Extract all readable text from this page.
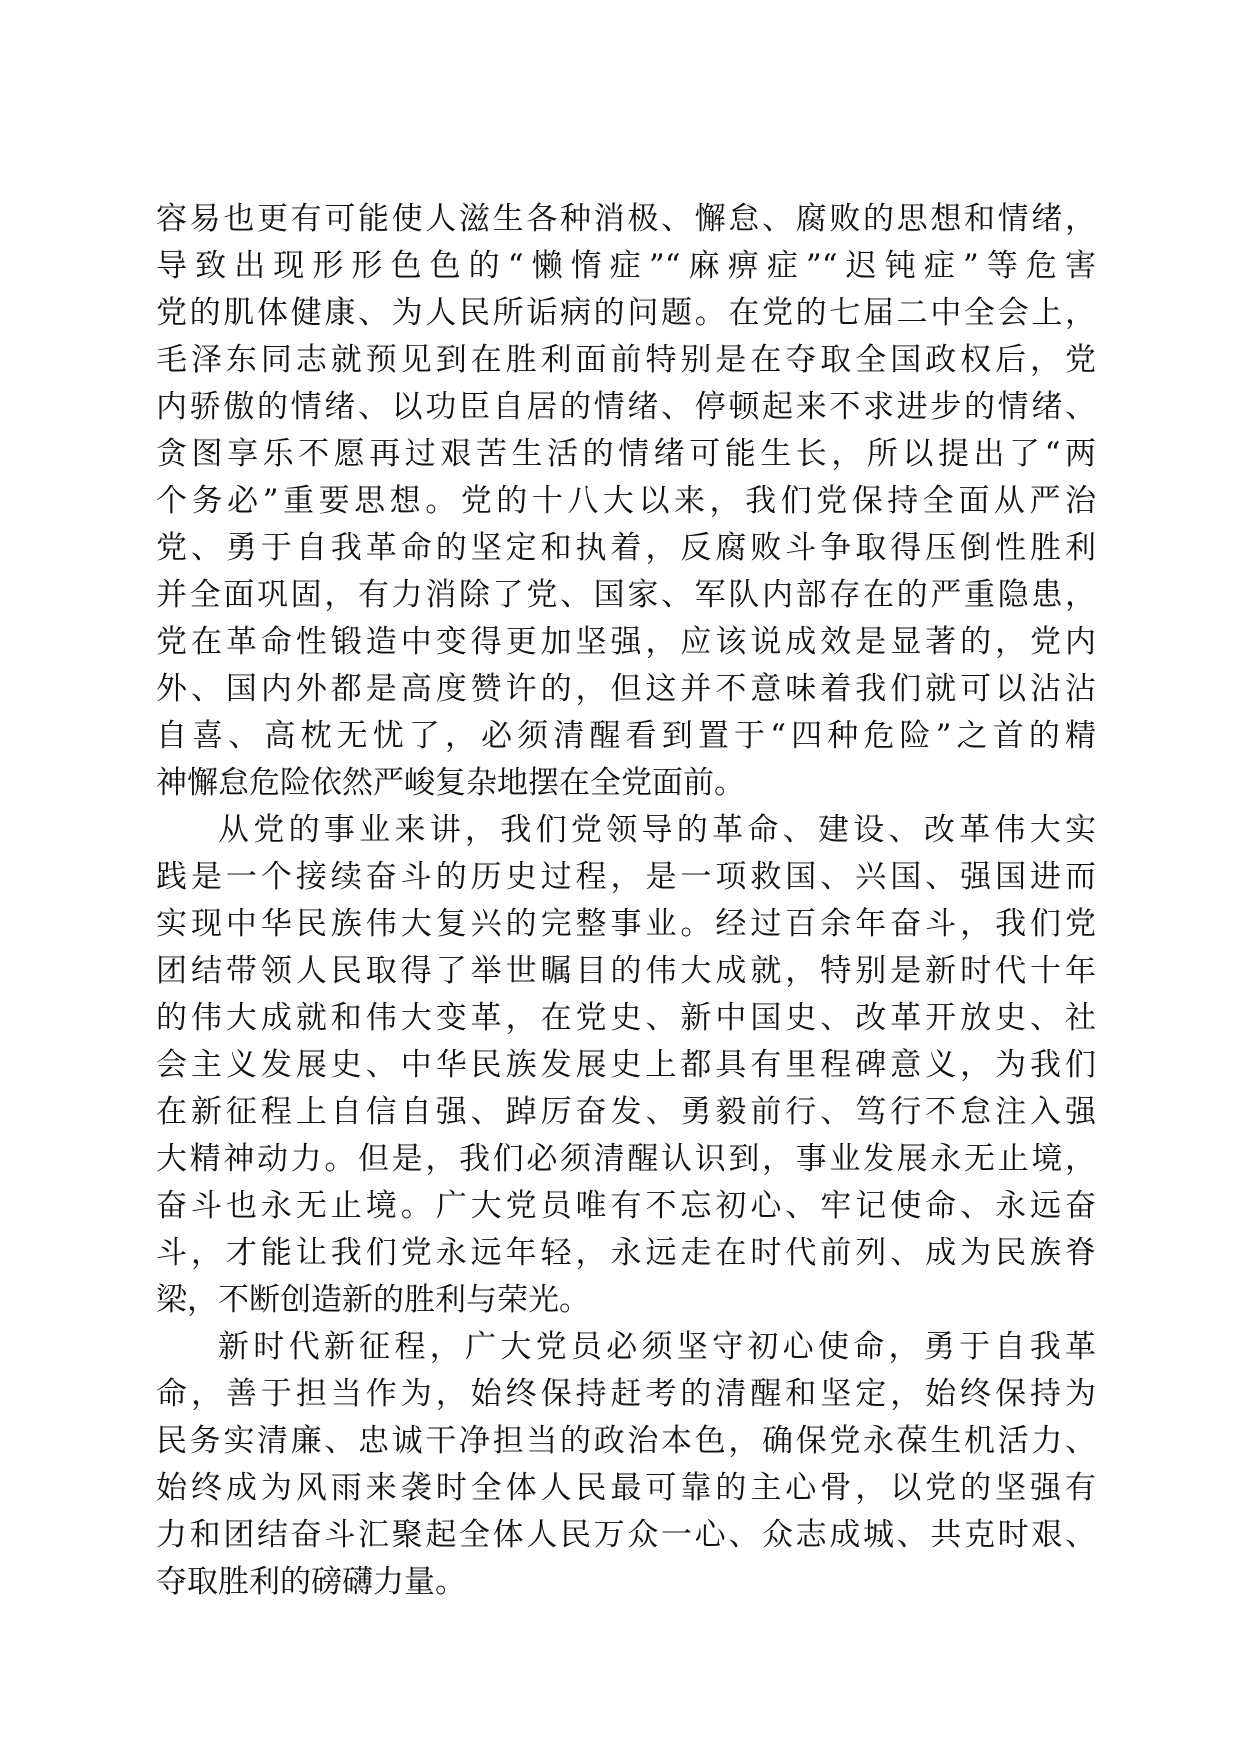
容易也更有可能使人滋生各种消极、懈怠、腐败的思想和情绪，
导致出现形形色色的“懒惰症”“麻痹症”“迟钝症”等危害
党的肌体健康、为人民所诟病的问题。在党的七届二中全会上，
毛泽东同志就预见到在胜利面前特别是在夺取全国政权后，党
内骄傲的情绪、以功臣自居的情绪、停顿起来不求进步的情绪、
贪图享乐不愿再过艰苦生活的情绪可能生长，所以提出了“两
个务必”重要思想。党的十八大以来，我们党保持全面从严治
党、勇于自我革命的坚定和执着，反腐败斗争取得压倒性胜利
并全面巩固，有力消除了党、国家、军队内部存在的严重隐患，
党在革命性锻造中变得更加坚强，应该说成效是显著的，党内
外、国内外都是高度赞许的，但这并不意味着我们就可以沾沾
自喜、高枕无忧了，必须清醒看到置于“四种危险”之首的精
神懈怠危险依然严峻复杂地摆在全党面前。
从党的事业来讲，我们党领导的革命、建设、改革伟大实
践是一个接续奋斗的历史过程，是一项救国、兴国、强国进而
实现中华民族伟大复兴的完整事业。经过百余年奋斗，我们党
团结带领人民取得了举世瞩目的伟大成就，特别是新时代十年
的伟大成就和伟大变革，在党史、新中国史、改革开放史、社
会主义发展史、中华民族发展史上都具有里程碑意义，为我们
在新征程上自信自强、踔厉奋发、勇毅前行、笃行不怠注入强
大精神动力。但是，我们必须清醒认识到，事业发展永无止境，
奋斗也永无止境。广大党员唯有不忘初心、牢记使命、永远奋
斗，才能让我们党永远年轻，永远走在时代前列、成为民族脊
梁，不断创造新的胜利与荣光。
新时代新征程，广大党员必须坚守初心使命，勇于自我革
命，善于担当作为，始终保持赶考的清醒和坚定，始终保持为
民务实清廉、忠诚干净担当的政治本色，确保党永葆生机活力、
始终成为风雨来袭时全体人民最可靠的主心骨，以党的坚强有
力和团结奋斗汇聚起全体人民万众一心、众志成城、共克时艰、
夺取胜利的磅礴力量。
